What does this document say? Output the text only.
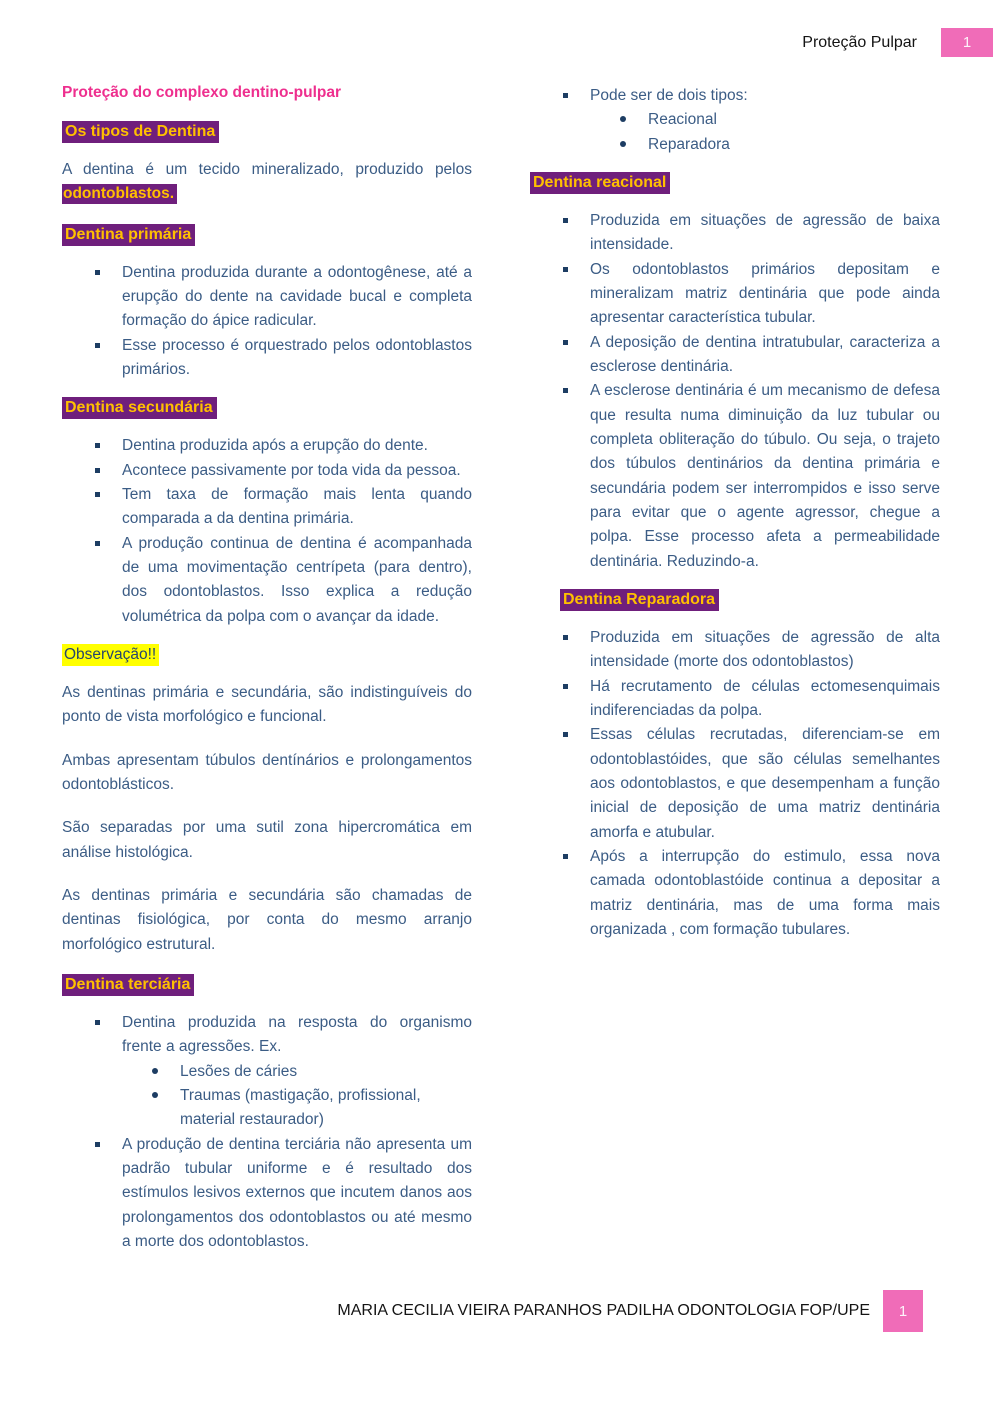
Proteção Pulpar	1
Proteção do complexo dentino-pulpar
Os tipos de Dentina

A dentina é um tecido mineralizado, produzido pelos odontoblastos.

Dentina primária
Dentina produzida durante a odontogênese, até a erupção do dente na cavidade bucal e completa formação do ápice radicular.
Esse processo é orquestrado pelos odontoblastos primários.
Dentina secundária
Dentina produzida após a erupção do dente.
Acontece passivamente por toda vida da pessoa.
Tem taxa de formação mais lenta quando comparada a da dentina primária.
A produção continua de dentina é acompanhada de uma movimentação centrípeta (para dentro), dos odontoblastos. Isso explica a redução volumétrica da polpa com o avançar da idade.
Observação!!

As dentinas primária e secundária, são indistinguíveis do ponto de vista morfológico e funcional.

Ambas apresentam túbulos dentínários e prolongamentos odontoblásticos.

São separadas por uma sutil zona hipercromática em análise histológica.

As dentinas primária e secundária são chamadas de dentinas fisiológica, por conta do mesmo arranjo morfológico estrutural.

Dentina terciária
Dentina produzida na resposta do organismo frente a agressões. Ex.
Lesões de cáries
Traumas (mastigação, profissional, material restaurador)
A produção de dentina terciária não apresenta um padrão tubular uniforme e é resultado dos estímulos lesivos externos que incutem danos aos prolongamentos dos odontoblastos ou até mesmo a morte dos odontoblastos.
Pode ser de dois tipos:
Reacional
Reparadora
Dentina reacional
Produzida em situações de agressão de baixa intensidade.
Os odontoblastos primários depositam e mineralizam matriz dentinária que pode ainda apresentar característica tubular.
A deposição de dentina intratubular, caracteriza a esclerose dentinária.
A esclerose dentinária é um mecanismo de defesa que resulta numa diminuição da luz tubular ou completa obliteração do túbulo. Ou seja, o trajeto dos túbulos dentinários da dentina primária e secundária podem ser interrompidos e isso serve para evitar que o agente agressor, chegue a polpa. Esse processo afeta a permeabilidade dentinária. Reduzindo-a.
Dentina Reparadora
Produzida em situações de agressão de alta intensidade (morte dos odontoblastos)
Há recrutamento de células ectomesenquimais indiferenciadas da polpa.
Essas células recrutadas, diferenciam-se em odontoblastóides, que são células semelhantes aos odontoblastos, e que desempenham a função inicial de deposição de uma matriz dentinária amorfa e atubular.
Após a interrupção do estimulo, essa nova camada odontoblastóide continua a depositar a matriz dentinária, mas de uma forma mais organizada , com formação tubulares.
MARIA CECILIA VIEIRA PARANHOS PADILHA ODONTOLOGIA FOP/UPE	1
